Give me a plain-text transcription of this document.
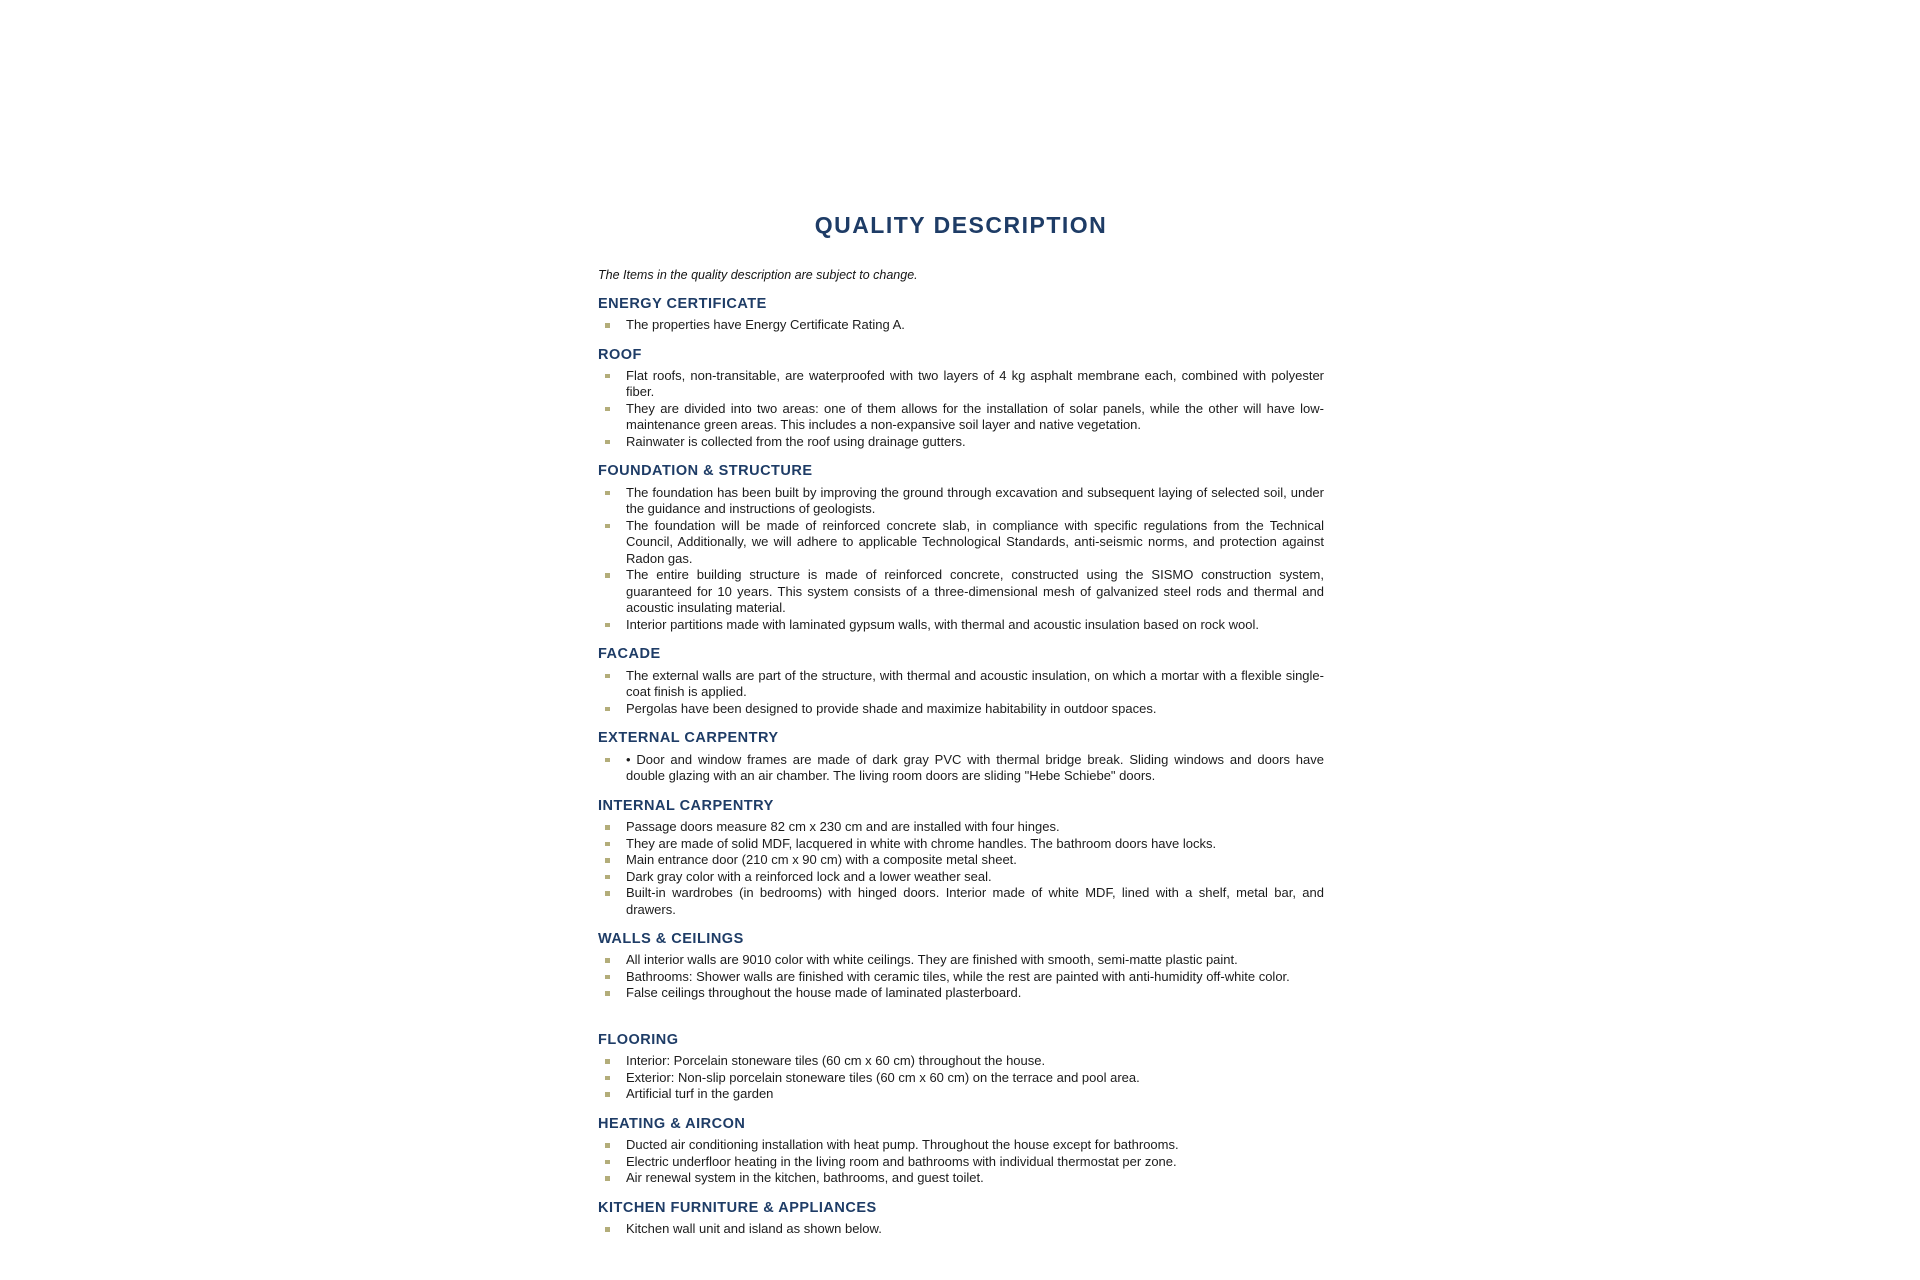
QUALITY DESCRIPTION

The Items in the quality description are subject to change.

ENERGY CERTIFICATE
The properties have Energy Certificate Rating A.
ROOF
Flat roofs, non-transitable, are waterproofed with two layers of 4 kg asphalt membrane each, combined with polyester fiber.
They are divided into two areas: one of them allows for the installation of solar panels, while the other will have low-maintenance green areas. This includes a non-expansive soil layer and native vegetation.
Rainwater is collected from the roof using drainage gutters.
FOUNDATION & STRUCTURE
The foundation has been built by improving the ground through excavation and subsequent laying of selected soil, under the guidance and instructions of geologists.
The foundation will be made of reinforced concrete slab, in compliance with specific regulations from the Technical Council, Additionally, we will adhere to applicable Technological Standards, anti-seismic norms, and protection against Radon gas.
The entire building structure is made of reinforced concrete, constructed using the SISMO construction system, guaranteed for 10 years. This system consists of a three-dimensional mesh of galvanized steel rods and thermal and acoustic insulating material.
Interior partitions made with laminated gypsum walls, with thermal and acoustic insulation based on rock wool.
FACADE
The external walls are part of the structure, with thermal and acoustic insulation, on which a mortar with a flexible single-coat finish is applied.
Pergolas have been designed to provide shade and maximize habitability in outdoor spaces.
EXTERNAL CARPENTRY
• Door and window frames are made of dark gray PVC with thermal bridge break. Sliding windows and doors have double glazing with an air chamber. The living room doors are sliding "Hebe Schiebe" doors.
INTERNAL CARPENTRY
Passage doors measure 82 cm x 230 cm and are installed with four hinges.
They are made of solid MDF, lacquered in white with chrome handles. The bathroom doors have locks.
Main entrance door (210 cm x 90 cm) with a composite metal sheet.
Dark gray color with a reinforced lock and a lower weather seal.
Built-in wardrobes (in bedrooms) with hinged doors. Interior made of white MDF, lined with a shelf, metal bar, and drawers.
WALLS & CEILINGS
All interior walls are 9010 color with white ceilings. They are finished with smooth, semi-matte plastic paint.
Bathrooms: Shower walls are finished with ceramic tiles, while the rest are painted with anti-humidity off-white color.
False ceilings throughout the house made of laminated plasterboard.
FLOORING
Interior: Porcelain stoneware tiles (60 cm x 60 cm) throughout the house.
Exterior: Non-slip porcelain stoneware tiles (60 cm x 60 cm) on the terrace and pool area.
Artificial turf in the garden
HEATING & AIRCON
Ducted air conditioning installation with heat pump. Throughout the house except for bathrooms.
Electric underfloor heating in the living room and bathrooms with individual thermostat per zone.
Air renewal system in the kitchen, bathrooms, and guest toilet.
KITCHEN FURNITURE & APPLIANCES
Kitchen wall unit and island as shown below.
